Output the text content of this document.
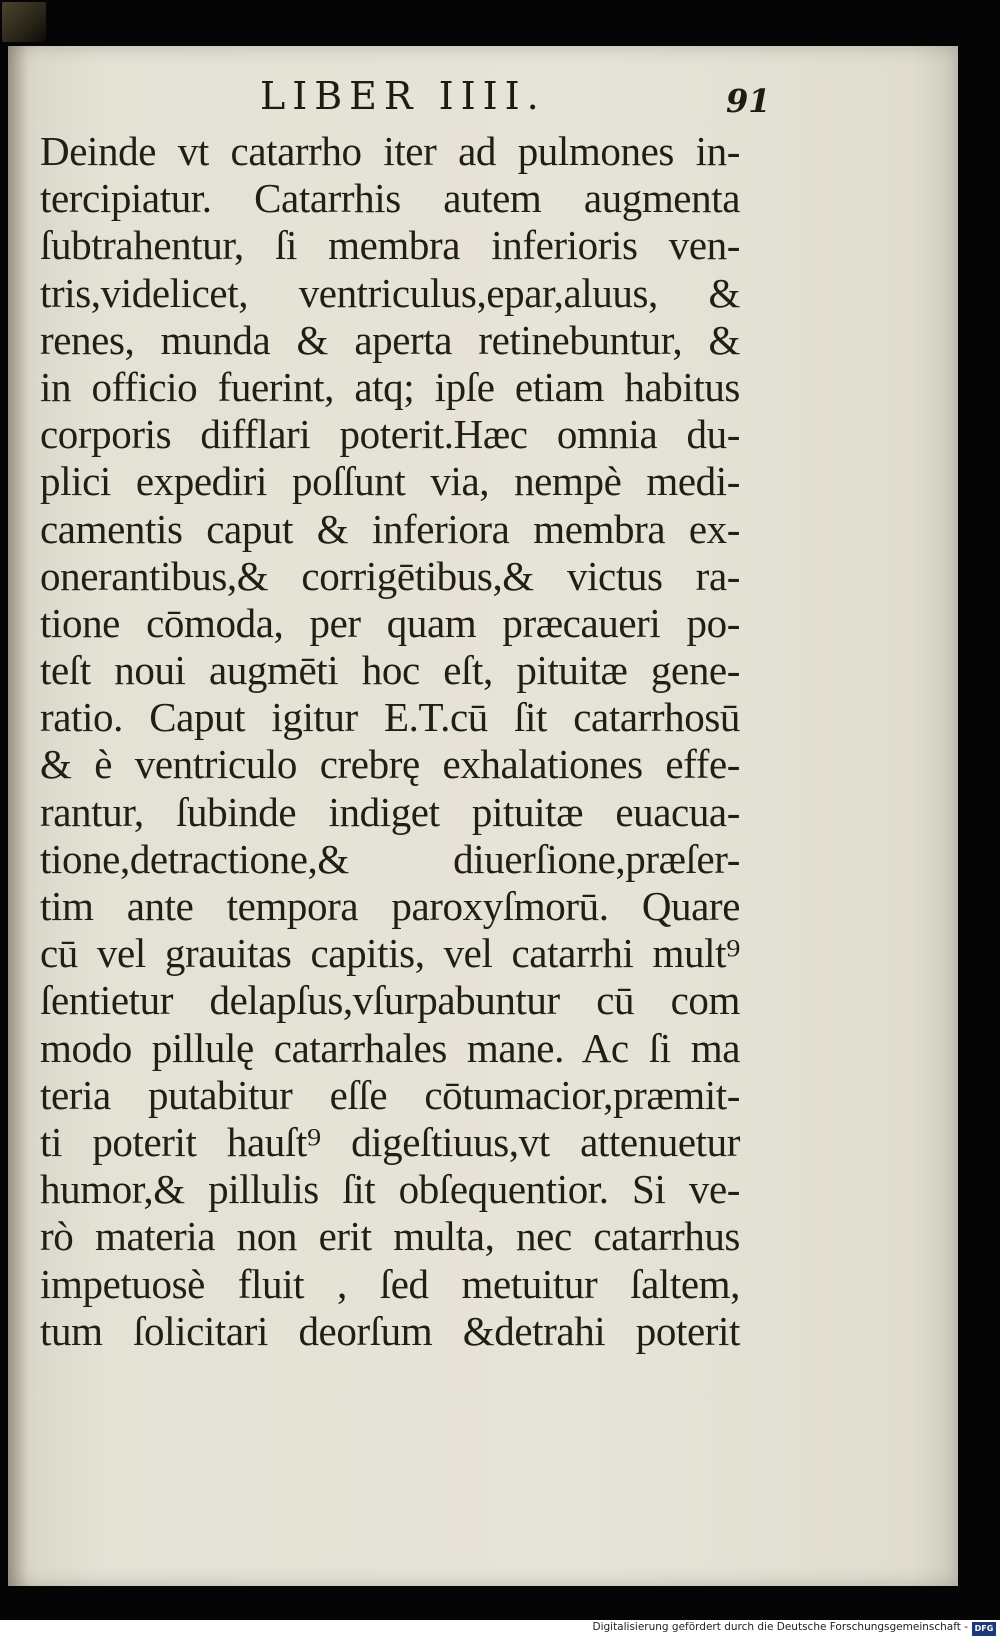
LIBER IIII.	91
Deinde vt catarrho iter ad pulmones in-
tercipiatur. Catarrhis autem augmenta
ſubtrahentur, ſi membra inferioris ven-
tris,videlicet, ventriculus,epar,aluus, &
renes, munda & aperta retinebuntur, &
in officio fuerint, atq; ipſe etiam habitus
corporis difflari poterit.Hæc omnia du-
plici expediri poſſunt via, nempè medi-
camentis caput & inferiora membra ex-
onerantibus,& corrigētibus,& victus ra-
tione cōmoda, per quam præcaueri po-
teſt noui augmēti hoc eſt, pituitæ gene-
ratio. Caput igitur E.T.cū ſit catarrhosū
& è ventriculo crebrę exhalationes effe-
rantur, ſubinde indiget pituitæ euacua-
tione,detractione,& diuerſione,præſer-
tim ante tempora paroxyſmorū. Quare
cū vel grauitas capitis, vel catarrhi mult⁹
ſentietur delapſus,vſurpabuntur cū com
modo pillulę catarrhales mane. Ac ſi ma
teria putabitur eſſe cōtumacior,præmit-
ti poterit hauſt⁹ digeſtiuus,vt attenuetur
humor,& pillulis ſit obſequentior. Si ve-
rò materia non erit multa, nec catarrhus
impetuosè fluit , ſed metuitur ſaltem,
tum ſolicitari deorſum &detrahi poterit
Digitalisierung gefördert durch die Deutsche Forschungsgemeinschaft - DFG
